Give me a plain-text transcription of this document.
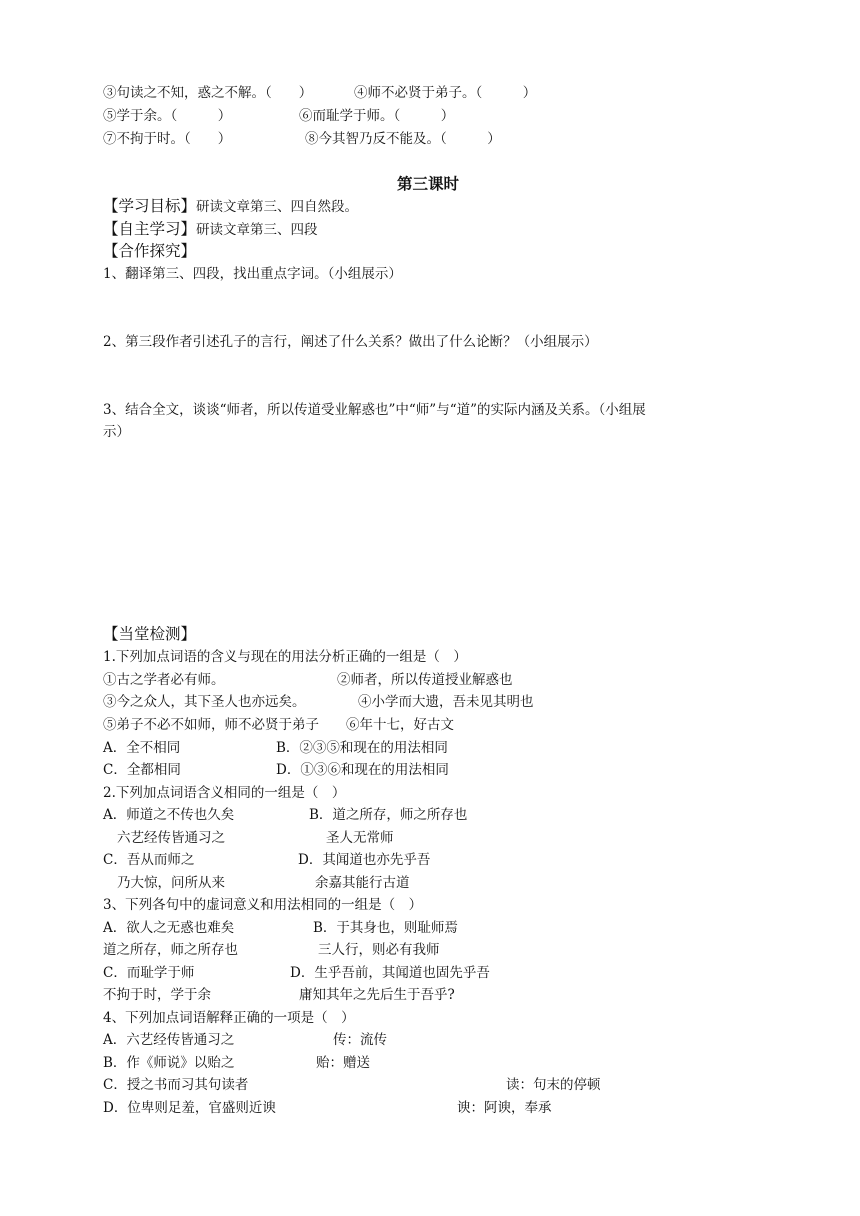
③句读之不知，惑之不解。（　　）	④师不必贤于弟子。（　　　）
⑤学于余。（　　　）	⑥而耻学于师。（　　　）
⑦不拘于时。（　　）	⑧今其智乃反不能及。（　　　）
第三课时
【学习目标】研读文章第三、四自然段。
【自主学习】研读文章第三、四段
【合作探究】
1、翻译第三、四段，找出重点字词。（小组展示）
2、第三段作者引述孔子的言行，阐述了什么关系？做出了什么论断？（小组展示）
3、结合全文，谈谈“师者，所以传道受业解惑也”中“师”与“道”的实际内涵及关系。（小组展
示）
【当堂检测】
1.下列加点词语的含义与现在的用法分析正确的一组是（　）
①古之学者必有师。	②师者，所以传道授业解惑也
③今之众人，其下圣人也亦远矣。	④小学而大遗，吾未见其明也
⑤弟子不必不如师，师不必贤于弟子 ⑥年十七，好古文
A．全不相同	B．②③⑤和现在的用法相同
C．全都相同	D．①③⑥和现在的用法相同
2.下列加点词语含义相同的一组是（　）
A．师道之不传也久矣	B．道之所存，师之所存也
六艺经传皆通习之	圣人无常师
C．吾从而师之	D．其闻道也亦先乎吾
乃大惊，问所从来	余嘉其能行古道
3、下列各句中的虚词意义和用法相同的一组是（　）
A．欲人之无惑也难矣	B．于其身也，则耻师焉
道之所存，师之所存也	三人行，则必有我师
C．而耻学于师	D．生乎吾前，其闻道也固先乎吾
不拘于时，学于余	庸知其年之先后生于吾乎?
4、下列加点词语解释正确的一项是（　）
A．六艺经传皆通习之	传：流传
B．作《师说》以贻之	贻：赠送
C．授之书而习其句读者	读：句末的停顿
D．位卑则足羞，官盛则近谀	谀：阿谀，奉承
